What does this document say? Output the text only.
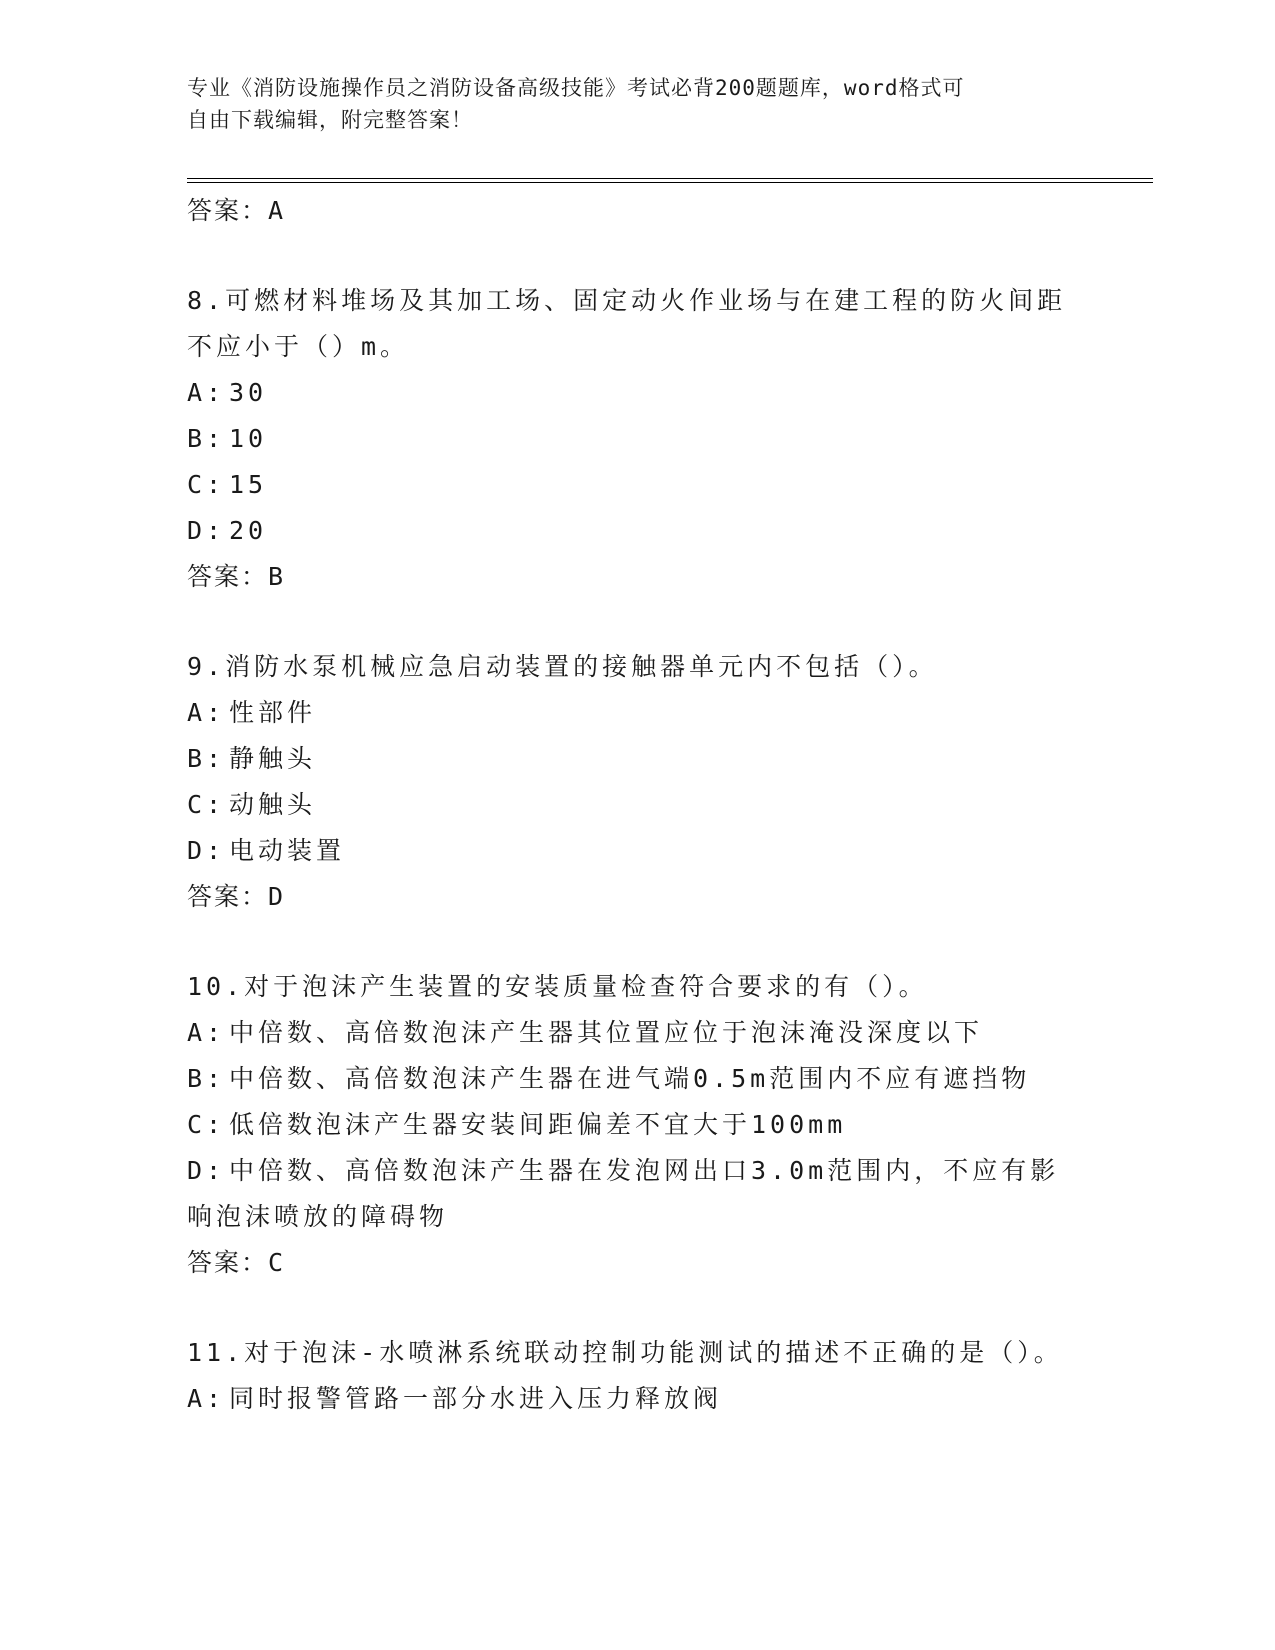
专业《消防设施操作员之消防设备高级技能》考试必背200题题库，word格式可
自由下载编辑，附完整答案！
答案：A
8.可燃材料堆场及其加工场、固定动火作业场与在建工程的防火间距
不应小于（）m。
A: 30
B: 10
C: 15
D: 20
答案：B
9.消防水泵机械应急启动装置的接触器单元内不包括（）。
A: 性部件
B: 静触头
C: 动触头
D: 电动装置
答案：D
10.对于泡沫产生装置的安装质量检查符合要求的有（）。
A: 中倍数、高倍数泡沫产生器其位置应位于泡沫淹没深度以下
B: 中倍数、高倍数泡沫产生器在进气端0.5m范围内不应有遮挡物
C: 低倍数泡沫产生器安装间距偏差不宜大于100mm
D: 中倍数、高倍数泡沫产生器在发泡网出口3.0m范围内，不应有影
响泡沫喷放的障碍物
答案：C
11.对于泡沫-水喷淋系统联动控制功能测试的描述不正确的是（）。
A: 同时报警管路一部分水进入压力释放阀
